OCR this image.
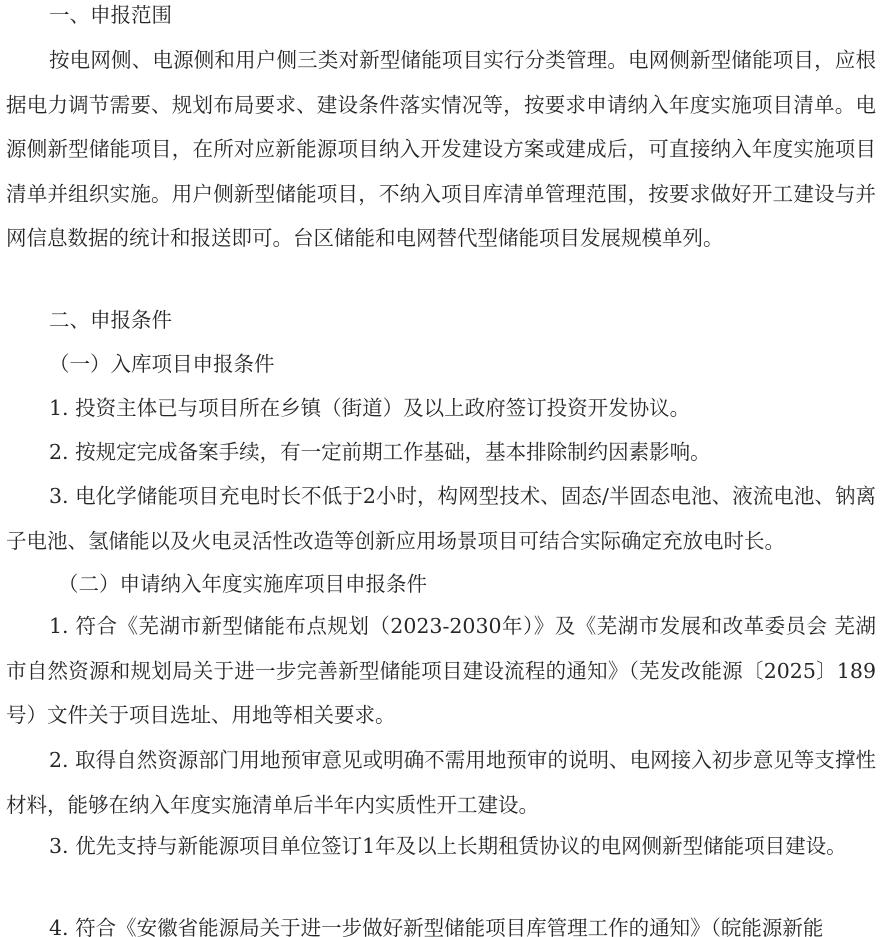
一、申报范围

按电网侧、电源侧和用户侧三类对新型储能项目实行分类管理。电网侧新型储能项目，应根据电力调节需要、规划布局要求、建设条件落实情况等，按要求申请纳入年度实施项目清单。电源侧新型储能项目，在所对应新能源项目纳入开发建设方案或建成后，可直接纳入年度实施项目清单并组织实施。用户侧新型储能项目，不纳入项目库清单管理范围，按要求做好开工建设与并网信息数据的统计和报送即可。台区储能和电网替代型储能项目发展规模单列。

二、申报条件

（一）入库项目申报条件

1. 投资主体已与项目所在乡镇（街道）及以上政府签订投资开发协议。

2. 按规定完成备案手续，有一定前期工作基础，基本排除制约因素影响。

3. 电化学储能项目充电时长不低于2小时，构网型技术、固态/半固态电池、液流电池、钠离子电池、氢储能以及火电灵活性改造等创新应用场景项目可结合实际确定充放电时长。

（二）申请纳入年度实施库项目申报条件

1. 符合《芜湖市新型储能布点规划（2023-2030年）》及《芜湖市发展和改革委员会 芜湖市自然资源和规划局关于进一步完善新型储能项目建设流程的通知》（芜发改能源〔2025〕189号）文件关于项目选址、用地等相关要求。

2. 取得自然资源部门用地预审意见或明确不需用地预审的说明、电网接入初步意见等支撑性材料，能够在纳入年度实施清单后半年内实质性开工建设。

3. 优先支持与新能源项目单位签订1年及以上长期租赁协议的电网侧新型储能项目建设。

4. 符合《安徽省能源局关于进一步做好新型储能项目库管理工作的通知》（皖能源新能
